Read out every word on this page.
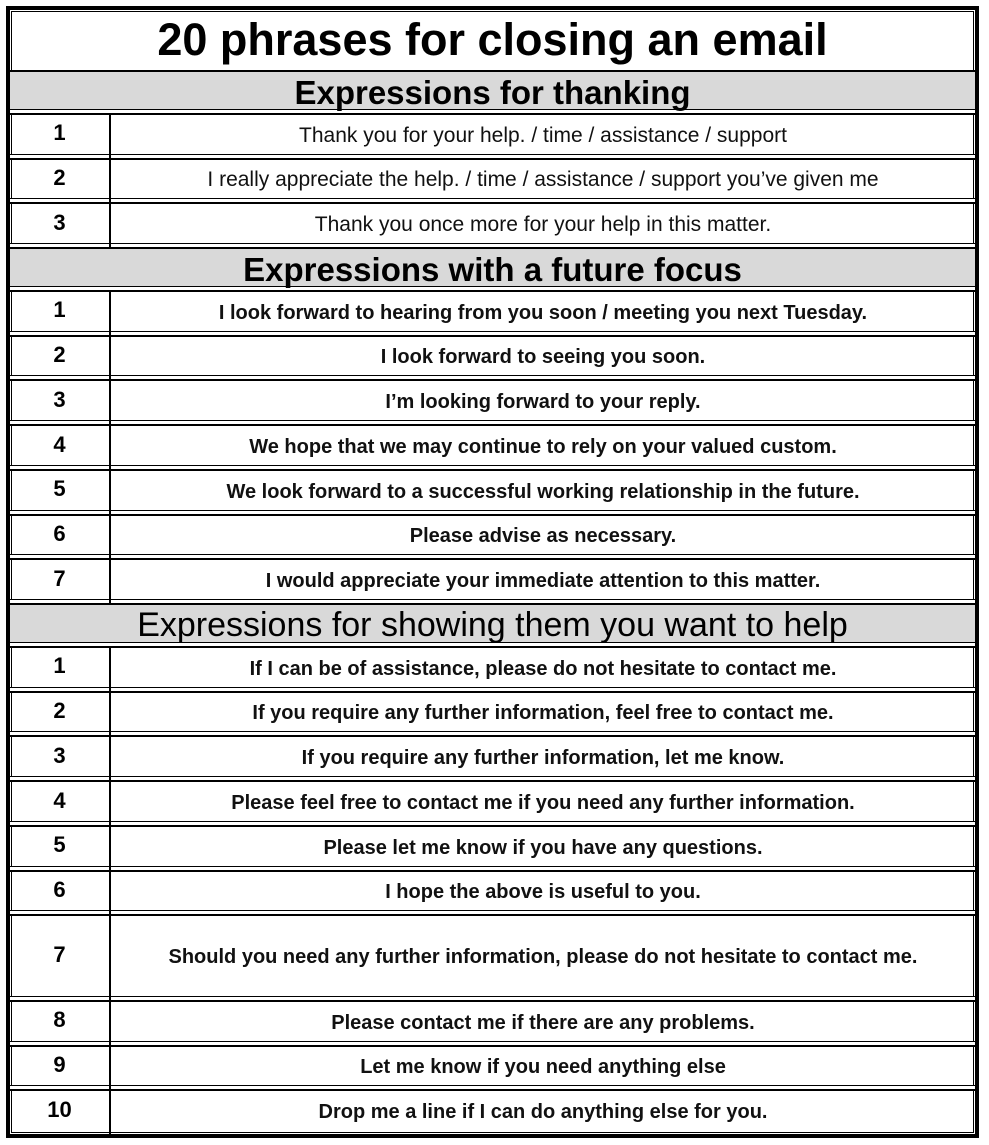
20 phrases for closing an email
Expressions for thanking
1	Thank you for your help. / time / assistance / support
2	I really appreciate the help. / time / assistance / support you’ve given me
3	Thank you once more for your help in this matter.
Expressions with a future focus
1	I look forward to hearing from you soon / meeting you next Tuesday.
2	I look forward to seeing you soon.
3	I’m looking forward to your reply.
4	We hope that we may continue to rely on your valued custom.
5	We look forward to a successful working relationship in the future.
6	Please advise as necessary.
7	I would appreciate your immediate attention to this matter.
Expressions for showing them you want to help
1	If I can be of assistance, please do not hesitate to contact me.
2	If you require any further information, feel free to contact me.
3	If you require any further information, let me know.
4	Please feel free to contact me if you need any further information.
5	Please let me know if you have any questions.
6	I hope the above is useful to you.
7	Should you need any further information, please do not hesitate to contact me.
8	Please contact me if there are any problems.
9	Let me know if you need anything else
10	Drop me a line if I can do anything else for you.
